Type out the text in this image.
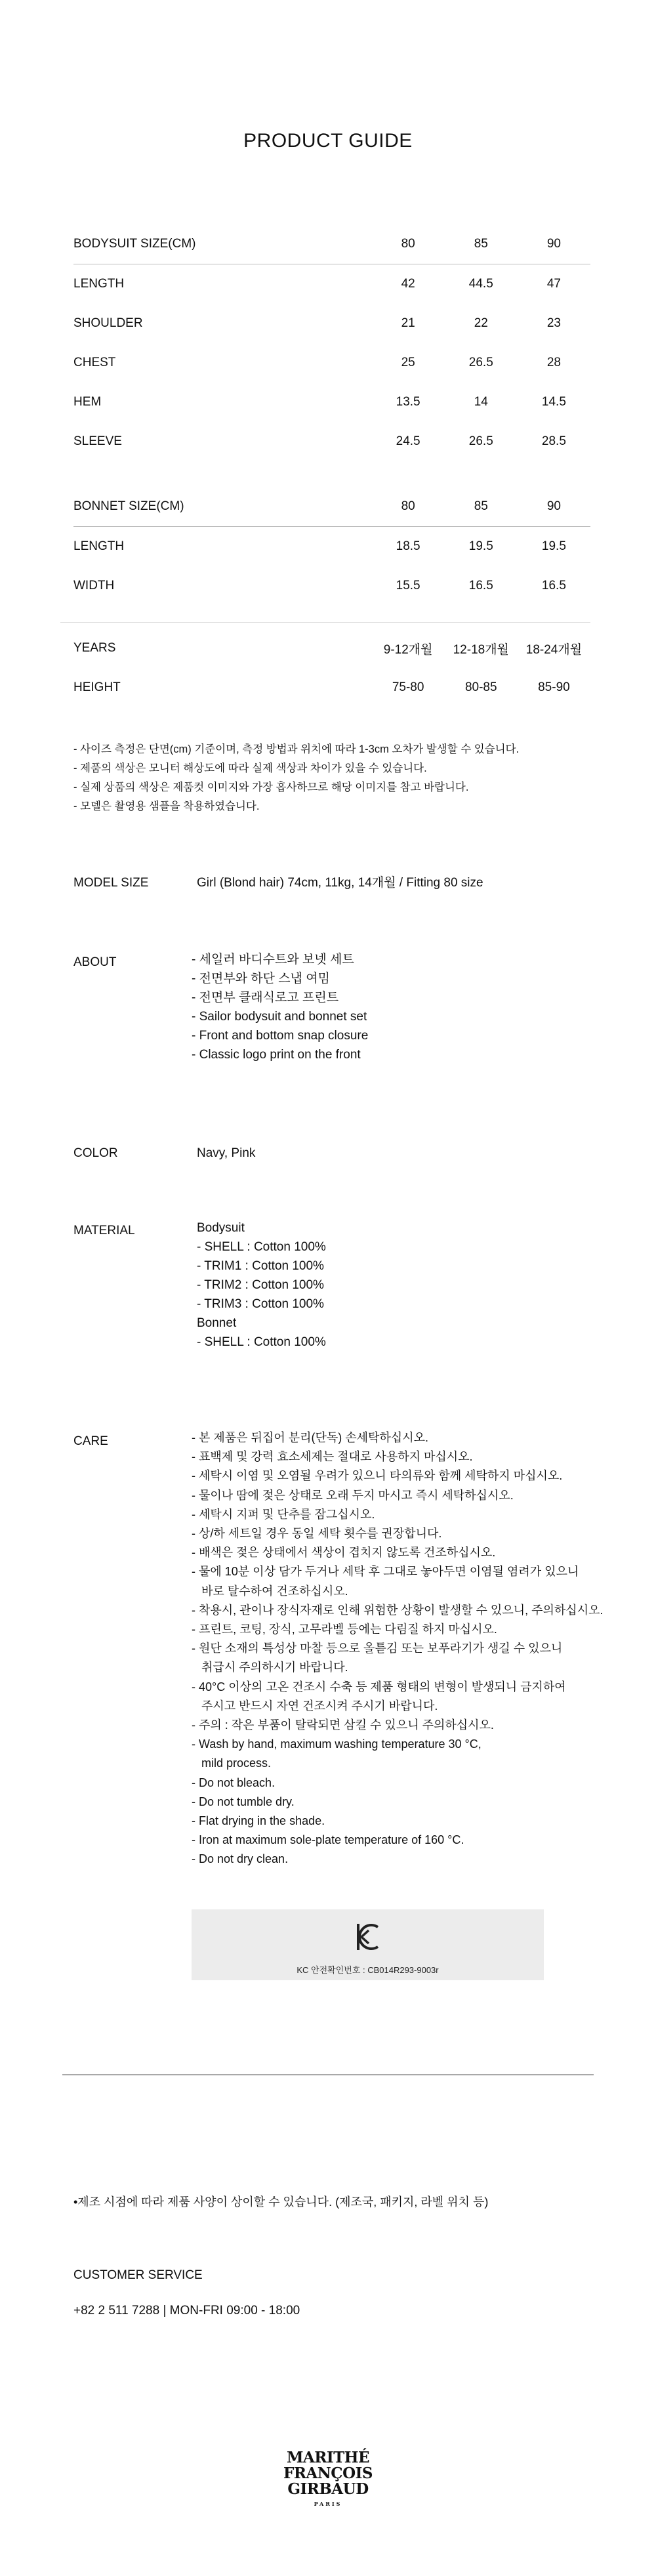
PRODUCT GUIDE
BODYSUIT SIZE(CM)	80	85	90
LENGTH	42	44.5	47
SHOULDER	21	22	23
CHEST	25	26.5	28
HEM	13.5	14	14.5
SLEEVE	24.5	26.5	28.5
BONNET SIZE(CM)	80	85	90
LENGTH	18.5	19.5	19.5
WIDTH	15.5	16.5	16.5
YEARS	9-12개월	12-18개월	18-24개월
HEIGHT	75-80	80-85	85-90
- 사이즈 측정은 단면(cm) 기준이며, 측정 방법과 위치에 따라 1-3cm 오차가 발생할 수 있습니다.
- 제품의 색상은 모니터 해상도에 따라 실제 색상과 차이가 있을 수 있습니다.
- 실제 상품의 색상은 제품컷 이미지와 가장 흡사하므로 해당 이미지를 참고 바랍니다.
- 모델은 촬영용 샘플을 착용하였습니다.
MODEL SIZE	Girl (Blond hair) 74cm, 11kg, 14개월 / Fitting 80 size
ABOUT	- 세일러 바디수트와 보넷 세트
- 전면부와 하단 스냅 여밈
- 전면부 클래식로고 프린트
- Sailor bodysuit and bonnet set
- Front and bottom snap closure
- Classic logo print on the front
COLOR	Navy, Pink
MATERIAL	Bodysuit
- SHELL : Cotton 100%
- TRIM1 : Cotton 100%
- TRIM2 : Cotton 100%
- TRIM3 : Cotton 100%
Bonnet
- SHELL : Cotton 100%
CARE	- 본 제품은 뒤집어 분리(단독) 손세탁하십시오.
- 표백제 및 강력 효소세제는 절대로 사용하지 마십시오.
- 세탁시 이염 및 오염될 우려가 있으니 타의류와 함께 세탁하지 마십시오.
- 물이나 땀에 젖은 상태로 오래 두지 마시고 즉시 세탁하십시오.
- 세탁시 지퍼 및 단추를 잠그십시오.
- 상/하 세트일 경우 동일 세탁 횟수를 권장합니다.
- 배색은 젖은 상태에서 색상이 겹치지 않도록 건조하십시오.
- 물에 10분 이상 담가 두거나 세탁 후 그대로 놓아두면 이염될 염려가 있으니
바로 탈수하여 건조하십시오.
- 착용시, 관이나 장식자재로 인해 위험한 상황이 발생할 수 있으니, 주의하십시오.
- 프린트, 코팅, 장식, 고무라벨 등에는 다림질 하지 마십시오.
- 원단 소재의 특성상 마찰 등으로 올튿김 또는 보푸라기가 생길 수 있으니
취급시 주의하시기 바랍니다.
- 40°C 이상의 고온 건조시 수축 등 제품 형태의 변형이 발생되니 금지하여
주시고 반드시 자연 건조시켜 주시기 바랍니다.
- 주의 : 작은 부품이 탈락되면 삼킬 수 있으니 주의하십시오.
- Wash by hand, maximum washing temperature 30 °C,
mild process.
- Do not bleach.
- Do not tumble dry.
- Flat drying in the shade.
- Iron at maximum sole-plate temperature of 160 °C.
- Do not dry clean.
KC 안전확인번호 : CB014R293-9003r
•제조 시점에 따라 제품 사양이 상이할 수 있습니다. (제조국, 패키지, 라벨 위치 등)
CUSTOMER SERVICE
+82 2 511 7288 | MON-FRI 09:00 - 18:00
MARITHÉ
FRANÇOIS
GIRBAUD
PARIS
